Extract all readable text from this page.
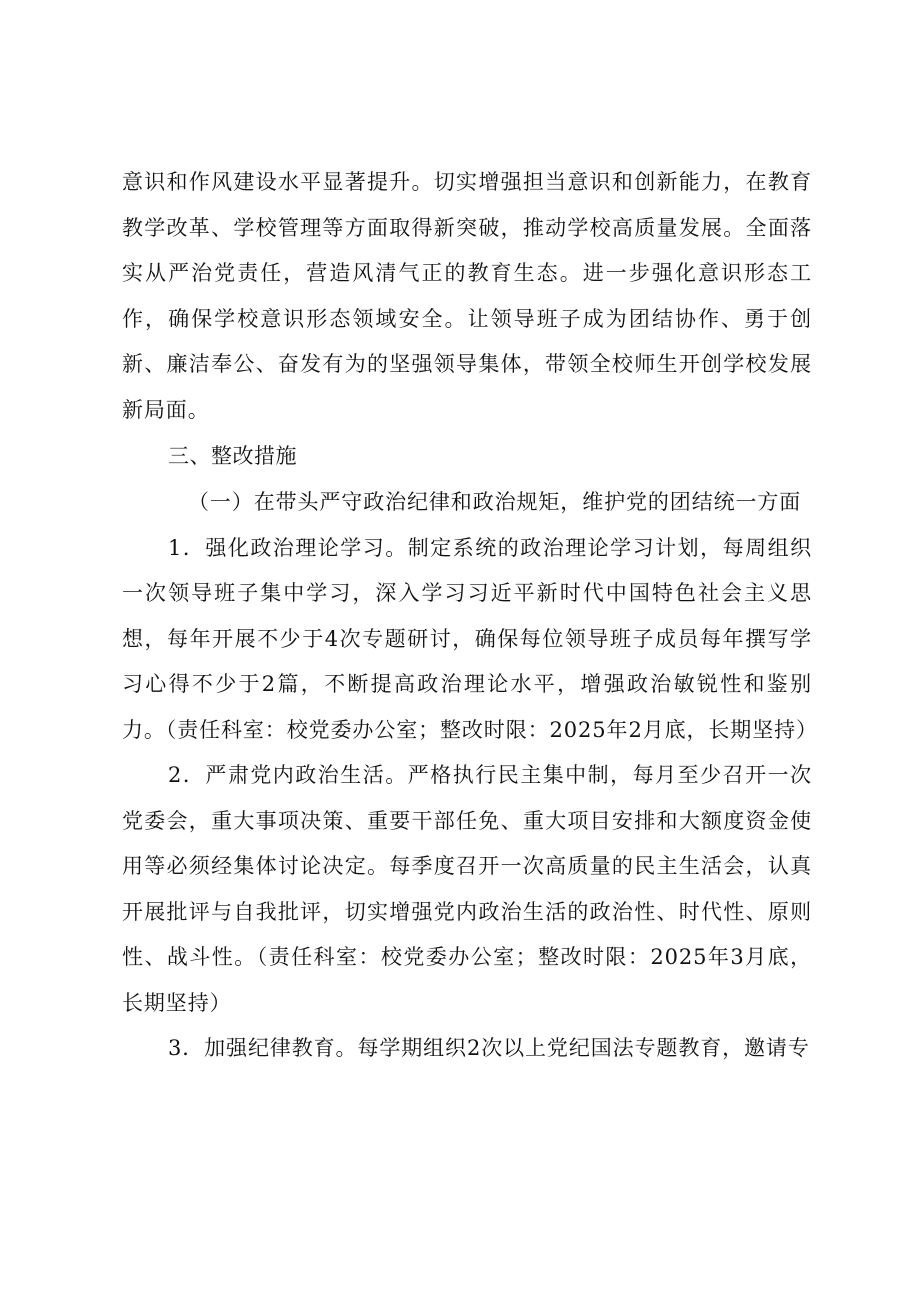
意识和作风建设水平显著提升。切实增强担当意识和创新能力，在教育教学改革、学校管理等方面取得新突破，推动学校高质量发展。全面落实从严治党责任，营造风清气正的教育生态。进一步强化意识形态工作，确保学校意识形态领域安全。让领导班子成为团结协作、勇于创新、廉洁奉公、奋发有为的坚强领导集体，带领全校师生开创学校发展新局面。

三、整改措施

（一）在带头严守政治纪律和政治规矩，维护党的团结统一方面

1．强化政治理论学习。制定系统的政治理论学习计划，每周组织一次领导班子集中学习，深入学习习近平新时代中国特色社会主义思想，每年开展不少于4次专题研讨，确保每位领导班子成员每年撰写学习心得不少于2篇，不断提高政治理论水平，增强政治敏锐性和鉴别力。（责任科室：校党委办公室；整改时限：2025年2月底，长期坚持）

2．严肃党内政治生活。严格执行民主集中制，每月至少召开一次党委会，重大事项决策、重要干部任免、重大项目安排和大额度资金使用等必须经集体讨论决定。每季度召开一次高质量的民主生活会，认真开展批评与自我批评，切实增强党内政治生活的政治性、时代性、原则性、战斗性。（责任科室：校党委办公室；整改时限：2025年3月底，长期坚持）

3．加强纪律教育。每学期组织2次以上党纪国法专题教育，邀请专
